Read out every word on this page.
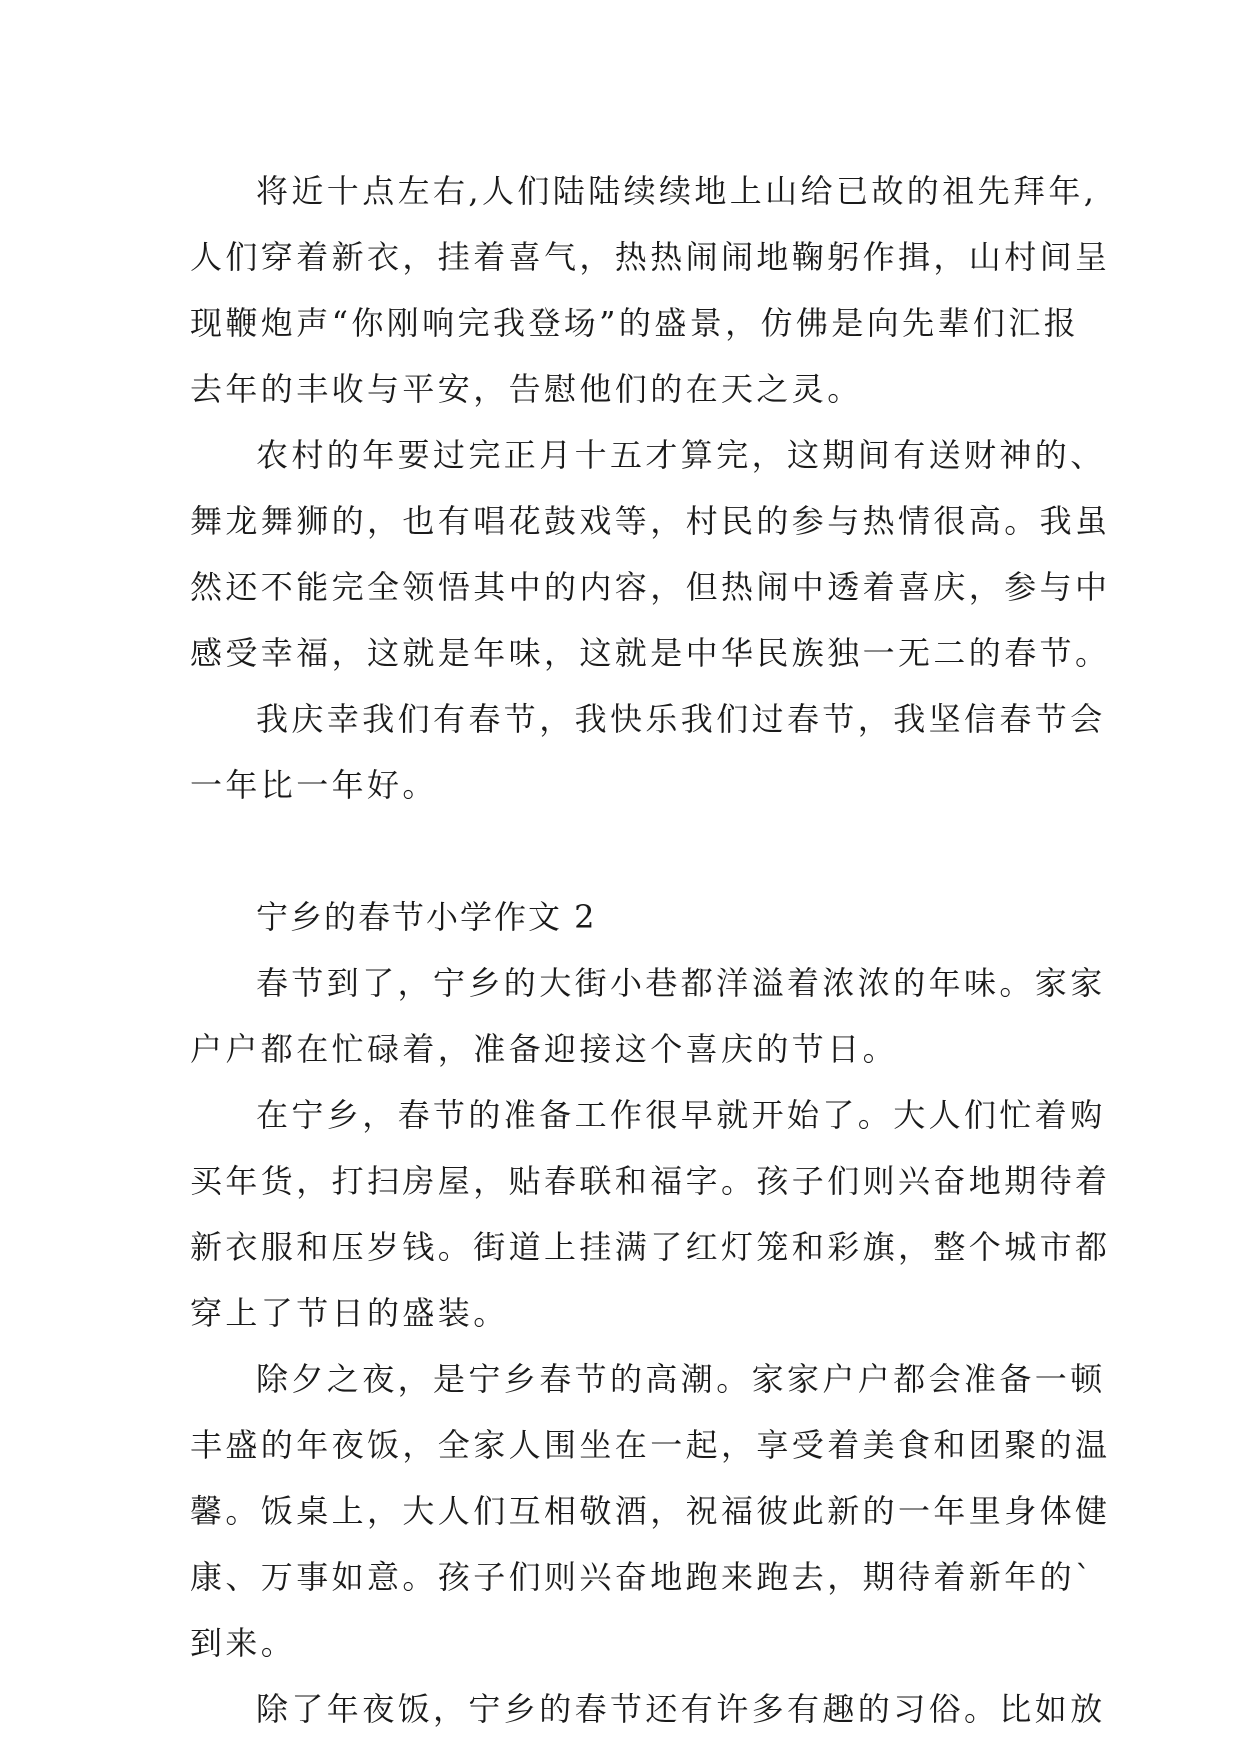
将近十点左右,人们陆陆续续地上山给已故的祖先拜年,
人们穿着新衣，挂着喜气，热热闹闹地鞠躬作揖，山村间呈
现鞭炮声“你刚响完我登场”的盛景，仿佛是向先辈们汇报
去年的丰收与平安，告慰他们的在天之灵。
农村的年要过完正月十五才算完，这期间有送财神的、
舞龙舞狮的，也有唱花鼓戏等，村民的参与热情很高。我虽
然还不能完全领悟其中的内容，但热闹中透着喜庆，参与中
感受幸福，这就是年味，这就是中华民族独一无二的春节。
我庆幸我们有春节，我快乐我们过春节，我坚信春节会
一年比一年好。
宁乡的春节小学作文 2
春节到了，宁乡的大街小巷都洋溢着浓浓的年味。家家
户户都在忙碌着，准备迎接这个喜庆的节日。
在宁乡，春节的准备工作很早就开始了。大人们忙着购
买年货，打扫房屋，贴春联和福字。孩子们则兴奋地期待着
新衣服和压岁钱。街道上挂满了红灯笼和彩旗，整个城市都
穿上了节日的盛装。
除夕之夜，是宁乡春节的高潮。家家户户都会准备一顿
丰盛的年夜饭，全家人围坐在一起，享受着美食和团聚的温
馨。饭桌上，大人们互相敬酒，祝福彼此新的一年里身体健
康、万事如意。孩子们则兴奋地跑来跑去，期待着新年的`
到来。
除了年夜饭，宁乡的春节还有许多有趣的习俗。比如放
